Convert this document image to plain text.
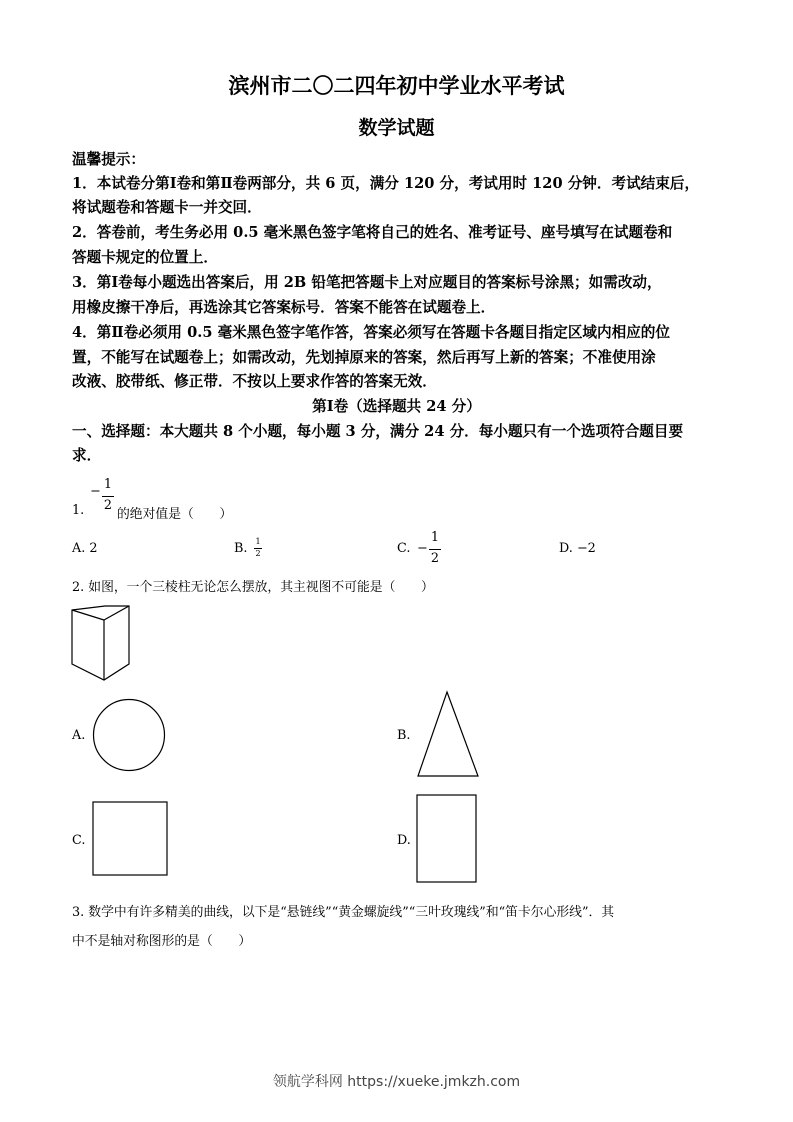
滨州市二〇二四年初中学业水平考试
数学试题
温馨提示：
1．本试卷分第Ⅰ卷和第Ⅱ卷两部分，共 6 页，满分 120 分，考试用时 120 分钟．考试结束后，
将试题卷和答题卡一并交回．
2．答卷前，考生务必用 0.5 毫米黑色签字笔将自己的姓名、准考证号、座号填写在试题卷和
答题卡规定的位置上．
3．第Ⅰ卷每小题选出答案后，用 2B 铅笔把答题卡上对应题目的答案标号涂黑；如需改动，
用橡皮擦干净后，再选涂其它答案标号．答案不能答在试题卷上．
4．第Ⅱ卷必须用 0.5 毫米黑色签字笔作答，答案必须写在答题卡各题目指定区域内相应的位
置，不能写在试题卷上；如需改动，先划掉原来的答案，然后再写上新的答案；不准使用涂
改液、胶带纸、修正带．不按以上要求作答的答案无效．
第Ⅰ卷（选择题共 24 分）
一、选择题：本大题共 8 个小题，每小题 3 分，满分 24 分．每小题只有一个选项符合题目要
求．
− 1
2
1.	的绝对值是（　　）
A. 2	B. 1
2	C. −
1
2
D. −2
2. 如图，一个三棱柱无论怎么摆放，其主视图不可能是（　　）
A.	B.
C.	D.
3. 数学中有许多精美的曲线，以下是“悬链线”“黄金螺旋线”“三叶玫瑰线”和“笛卡尔心形线”．其
中不是轴对称图形的是（　　）
领航学科网 https://xueke.jmkzh.com
